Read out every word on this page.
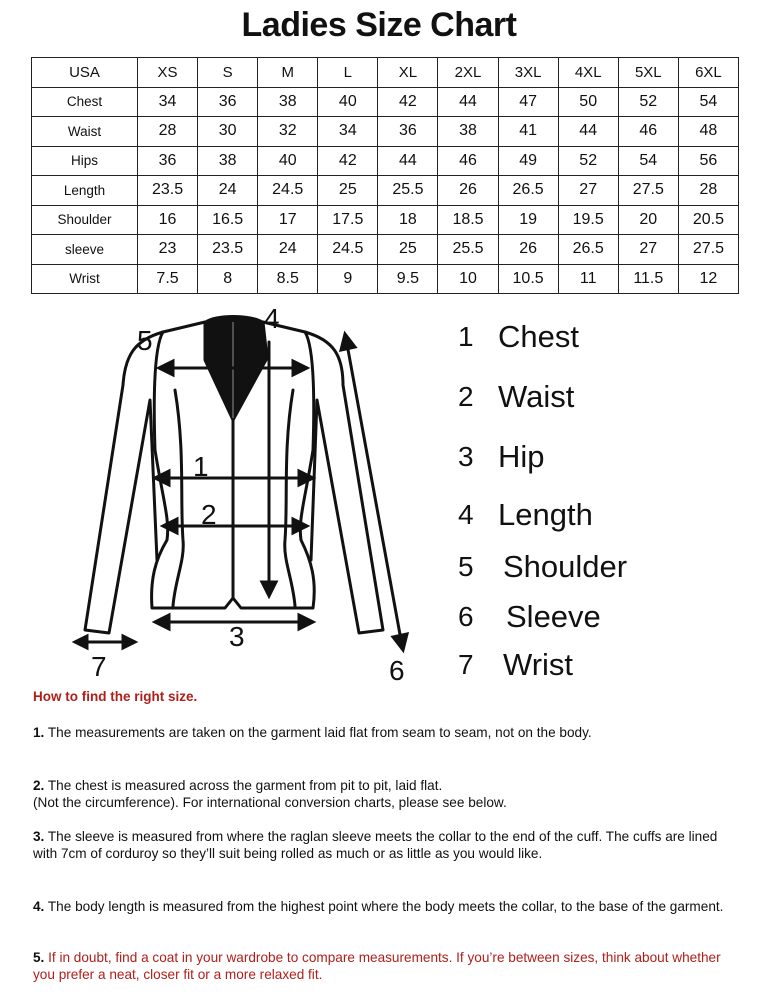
Ladies Size Chart
USA	XS	S	M	L	XL	2XL	3XL	4XL	5XL	6XL
Chest	34	36	38	40	42	44	47	50	52	54
Waist	28	30	32	34	36	38	41	44	46	48
Hips	36	38	40	42	44	46	49	52	54	56
Length	23.5	24	24.5	25	25.5	26	26.5	27	27.5	28
Shoulder	16	16.5	17	17.5	18	18.5	19	19.5	20	20.5
sleeve	23	23.5	24	24.5	25	25.5	26	26.5	27	27.5
Wrist	7.5	8	8.5	9	9.5	10	10.5	11	11.5	12
1
2
3
4
5
6
7
1 Chest
2 Waist
3 Hip
4 Length
5 Shoulder
6	Sleeve
7 Wrist
How to find the right size.
1. The measurements are taken on the garment laid flat from seam to seam, not on the body.
2. The chest is measured across the garment from pit to pit, laid flat.
(Not the circumference). For international conversion charts, please see below.
3. The sleeve is measured from where the raglan sleeve meets the collar to the end of the cuff. The cuffs are lined with 7cm of corduroy so they’ll suit being rolled as much or as little as you would like.
4. The body length is measured from the highest point where the body meets the collar, to the base of the garment.
5. If in doubt, find a coat in your wardrobe to compare measurements. If you’re between sizes, think about whether you prefer a neat, closer fit or a more relaxed fit.
